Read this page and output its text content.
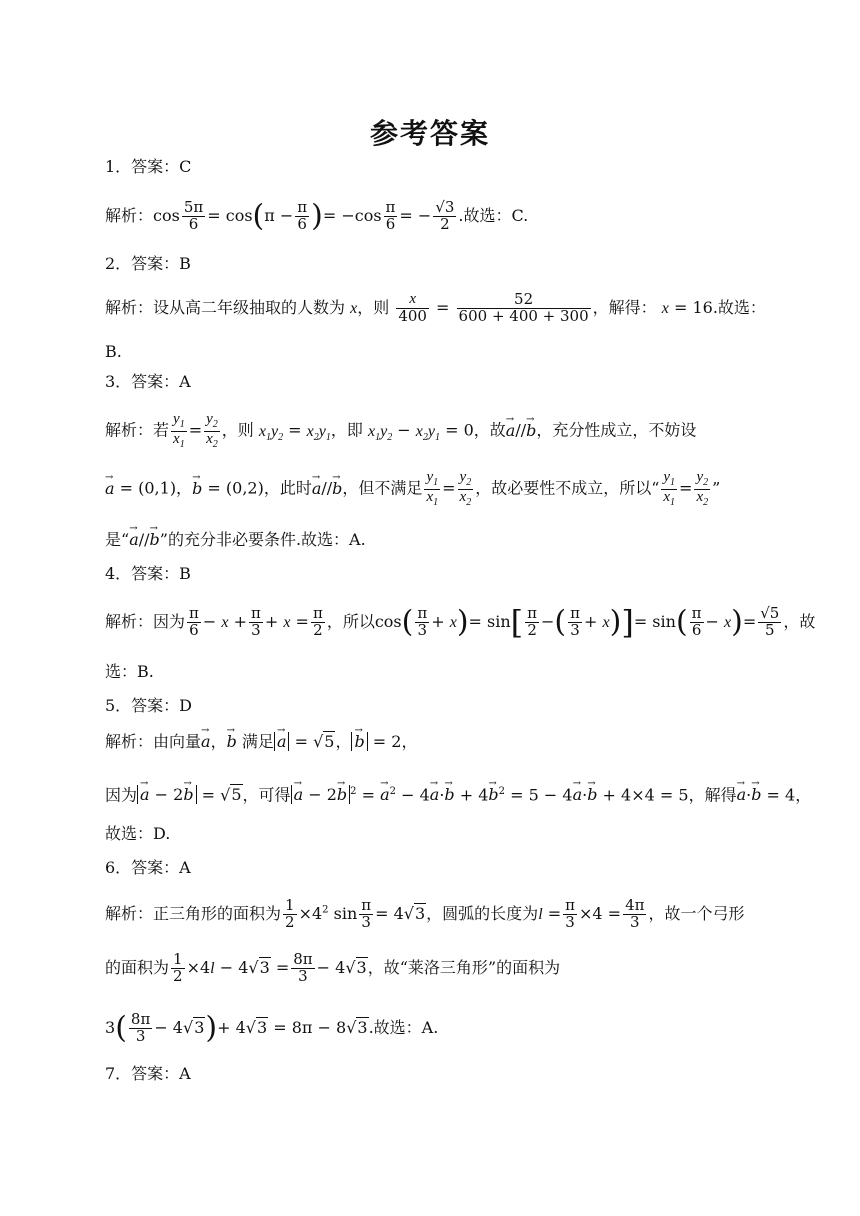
参考答案
1．答案：C
解析：$\cos \frac{5\pi}{6} = \cos(\pi - \frac{\pi}{6}$ )= $-\cos \frac{\pi}{6}$ = − $\frac{√3}{2}$ .故选：C.
2．答案：B
解析：设从高二年级抽取的人数为 x，则 $\frac{x}{400} = \frac{52}{600 + 400 + 300}$ ，解得： x = 16.故选：
B.
3．答案：A
解析：若 $\frac{y_1}{x_1} = \frac{y_2}{x_2}$ ，则 $x_1y_2 = x_2y_1$，即 $x_1y_2 - x_2y_1 = 0$，故→ a//→ b，充分性成立，不妨设
→ a = (0,1)，→ b = (0,2)，此时→ a//→ b，但不满足 $\frac{y_1}{x_1} = \frac{y_2}{x_2}$ ，故必要性不成立，所以“ $\frac{y_1}{x_1} = \frac{y_2}{x_2}$ ”
是“→ a//→ b”的充分非必要条件.故选：A.
4．答案：B
解析：因为 $\frac{\pi}{6} - x + \frac{\pi}{3} + x = \frac{\pi}{2}$ ，所以$\cos( \frac{\pi}{3} + x)= \sin[ \frac{\pi}{2}$ −( $\frac{\pi}{3} + x)]= \sin( \frac{\pi}{6} - x)= \frac{√5}{5}$ ，故
选：B.
5．答案：D
解析：由向量→ a，→ b 满足 → a = √5， → b = 2，
因为 → a − 2→ b = √5，可得 → a − 2→ b $^2$ = → $a^2 - 4\to a\cdot\to b + 4\to b^2 = 5 - 4\to a\cdot\to b + 4\times 4 = 5$，解得→ a·→ b = 4，
故选：D.
6．答案：A
解析：正三角形的面积为 $\frac{1}{2} \times 4^2$ $\sin \frac{\pi}{3} = 4√3$，圆弧的长度为$l = \frac{\pi}{3} \times 4 = \frac{4\pi}{3}$ ，故一个弓形
的面积为 $\frac{1}{2} \times 4l - 4√3 = \frac{8\pi}{3} - 4√3$，故“莱洛三角形”的面积为
$3( \frac{8\pi}{3} - 4√3)+ 4√3 = 8\pi - 8√3$.故选：A.
7．答案：A
